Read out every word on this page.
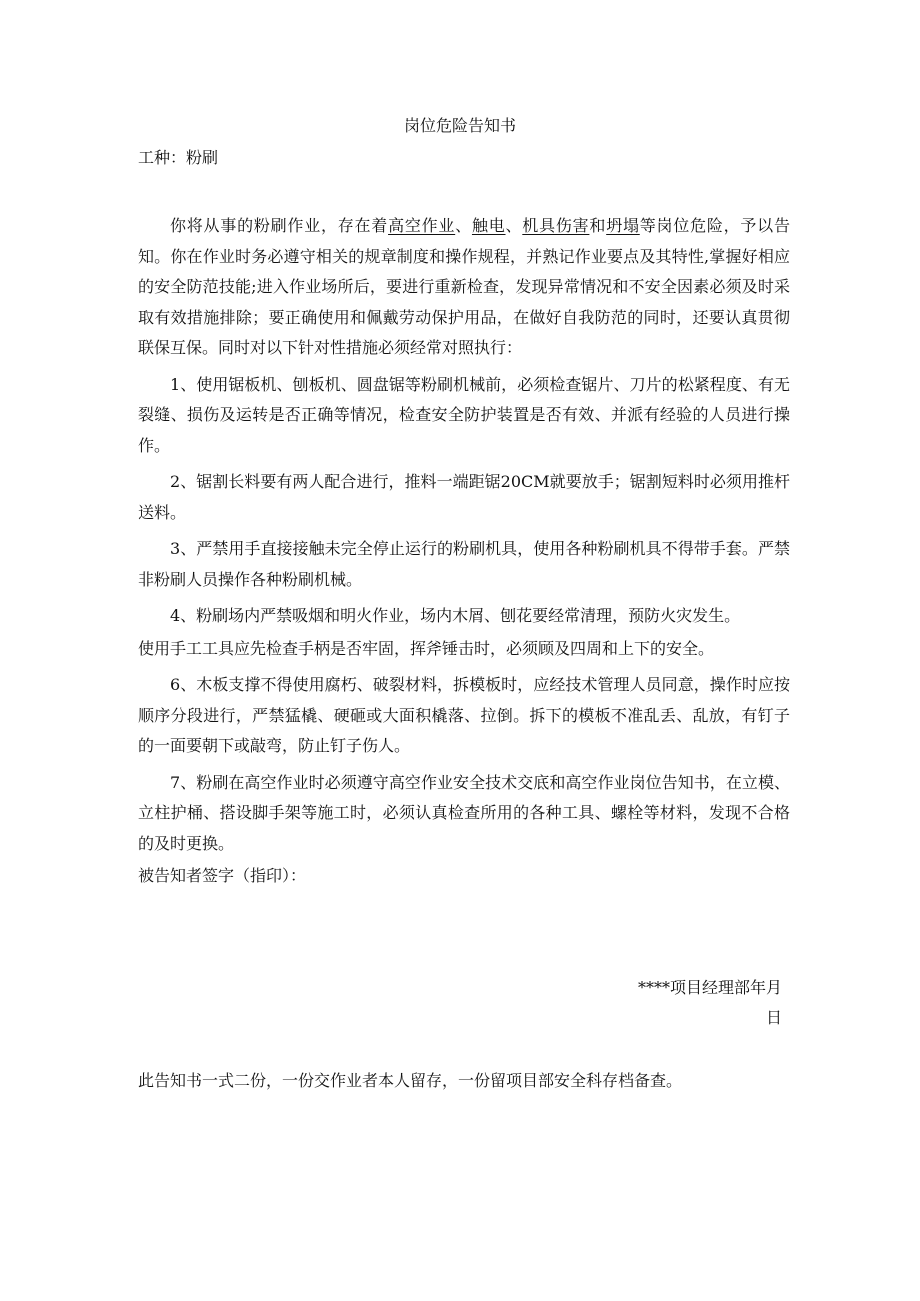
岗位危险告知书
工种：粉刷

你将从事的粉刷作业，存在着高空作业、触电、机具伤害和坍塌等岗位危险，予以告知。你在作业时务必遵守相关的规章制度和操作规程，并熟记作业要点及其特性,掌握好相应的安全防范技能;进入作业场所后，要进行重新检查，发现异常情况和不安全因素必须及时采取有效措施排除；要正确使用和佩戴劳动保护用品，在做好自我防范的同时，还要认真贯彻联保互保。同时对以下针对性措施必须经常对照执行：

1、使用锯板机、刨板机、圆盘锯等粉刷机械前，必须检查锯片、刀片的松紧程度、有无裂缝、损伤及运转是否正确等情况，检查安全防护装置是否有效、并派有经验的人员进行操作。

2、锯割长料要有两人配合进行，推料一端距锯20CM就要放手；锯割短料时必须用推杆送料。

3、严禁用手直接接触未完全停止运行的粉刷机具，使用各种粉刷机具不得带手套。严禁非粉刷人员操作各种粉刷机械。

4、粉刷场内严禁吸烟和明火作业，场内木屑、刨花要经常清理，预防火灾发生。

使用手工工具应先检查手柄是否牢固，挥斧锤击时，必须顾及四周和上下的安全。

6、木板支撑不得使用腐朽、破裂材料，拆模板时，应经技术管理人员同意，操作时应按顺序分段进行，严禁猛橇、硬砸或大面积橇落、拉倒。拆下的模板不准乱丢、乱放，有钉子的一面要朝下或敲弯，防止钉子伤人。

7、粉刷在高空作业时必须遵守高空作业安全技术交底和高空作业岗位告知书，在立模、立柱护桶、搭设脚手架等施工时，必须认真检查所用的各种工具、螺栓等材料，发现不合格的及时更换。

被告知者签字（指印）：

****项目经理部年月
日
此告知书一式二份，一份交作业者本人留存，一份留项目部安全科存档备查。
